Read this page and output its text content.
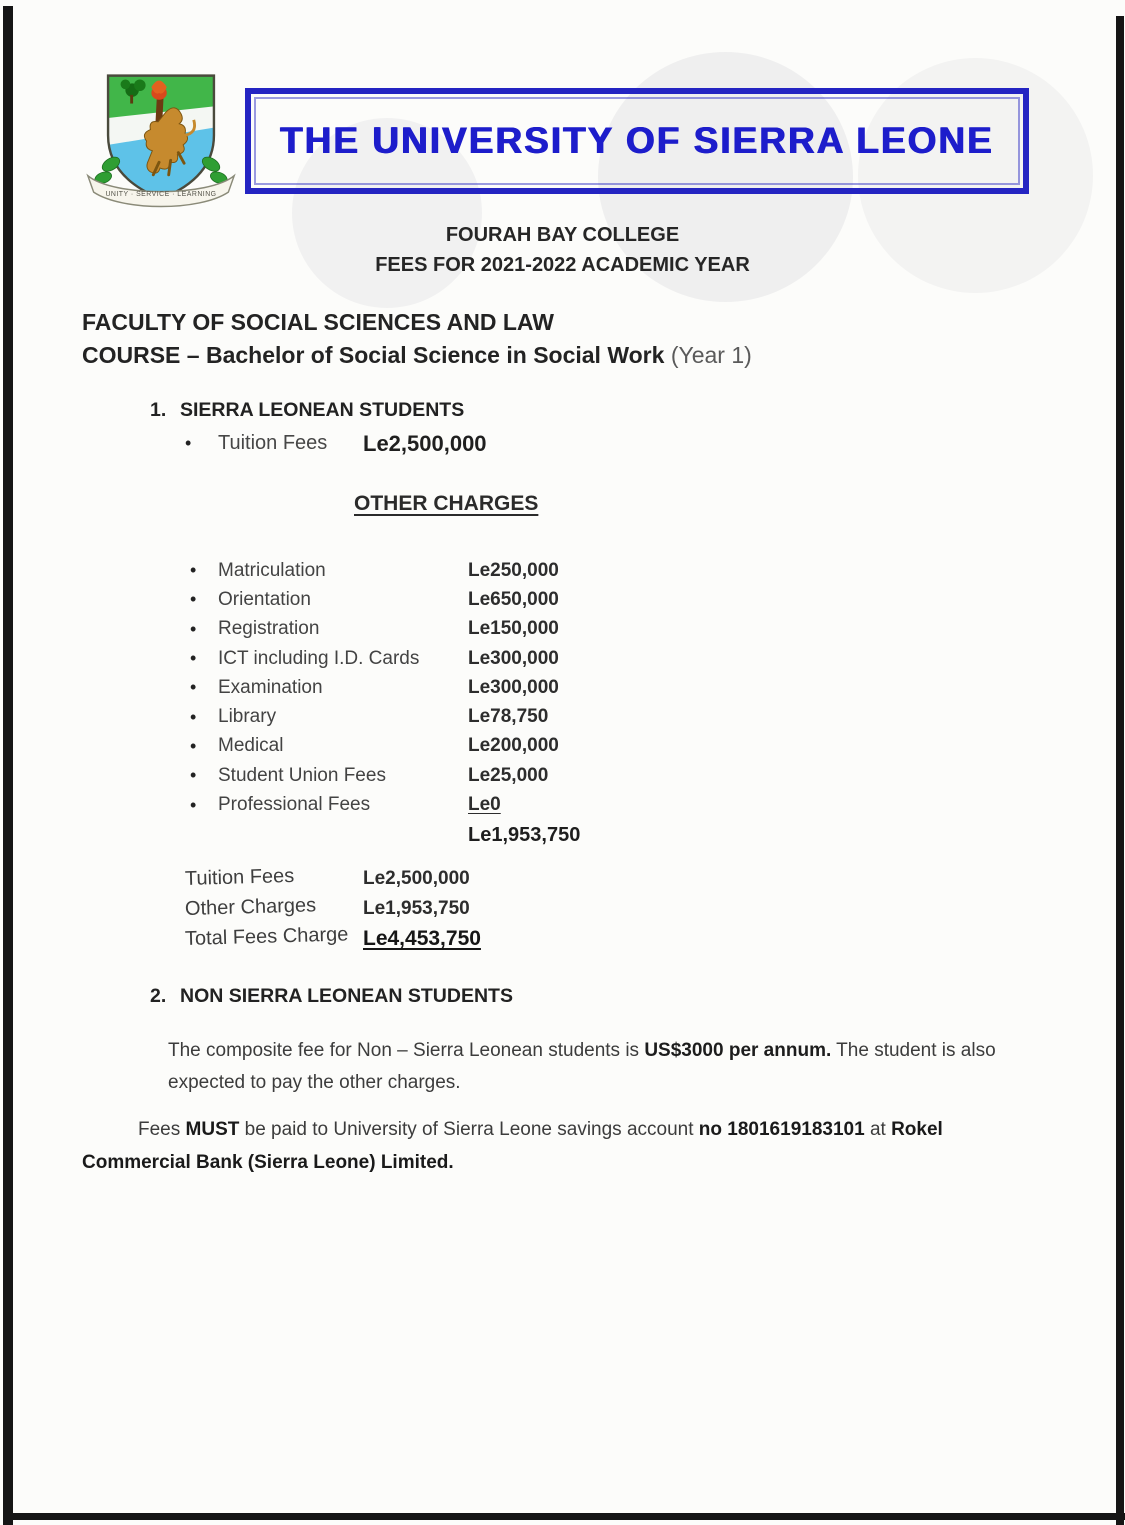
UNITY · SERVICE · LEARNING
THE UNIVERSITY OF SIERRA LEONE
FOURAH BAY COLLEGE
FEES FOR 2021-2022 ACADEMIC YEAR
FACULTY OF SOCIAL SCIENCES AND LAW
COURSE – Bachelor of Social Science in Social Work (Year 1)
1. SIERRA LEONEAN STUDENTS
•
Tuition Fees	Le2,500,000
OTHER CHARGES
•
Matriculation	Le250,000
•
Orientation	Le650,000
•
Registration	Le150,000
•
ICT including I.D. Cards	Le300,000
•
Examination	Le300,000
•
Library	Le78,750
•
Medical	Le200,000
•
Student Union Fees	Le25,000
•
Professional Fees	Le0
Le1,953,750
Tuition Fees	Le2,500,000
Other Charges	Le1,953,750
Total Fees Charge Le4,453,750
2. NON SIERRA LEONEAN STUDENTS

The composite fee for Non – Sierra Leonean students is US$3000 per annum. The student is also expected to pay the other charges.

Fees MUST be paid to University of Sierra Leone savings account no 1801619183101 at Rokel Commercial Bank (Sierra Leone) Limited.
